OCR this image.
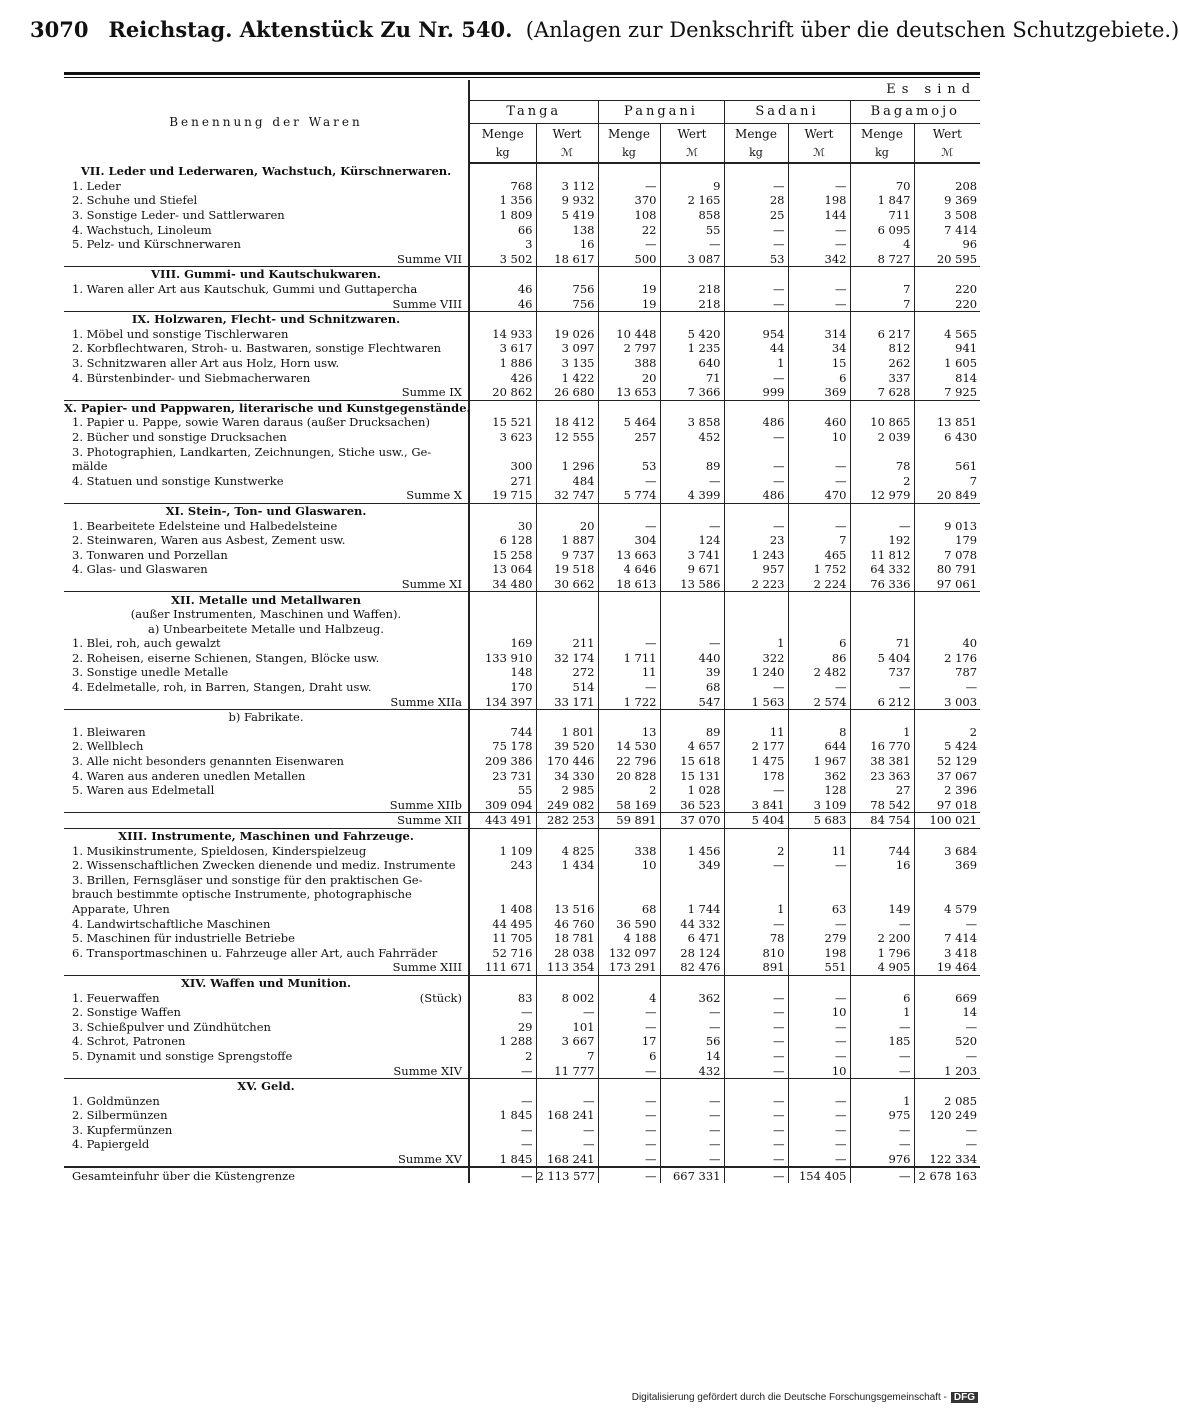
3070 Reichstag. Aktenstück Zu Nr. 540. (Anlagen zur Denkschrift über die deutschen Schutzgebiete.)
Benennung der Waren	Es sind							
	Tanga		Pangani		Sadani		Bagamojo	
	Menge	Wert	Menge	Wert	Menge	Wert	Menge	Wert
	kg	ℳ	kg	ℳ	kg	ℳ	kg	ℳ
VII. Leder und Lederwaren, Wachstuch, Kürschnerwaren.								
1. Leder	768	3 112	—	9	—	—	70	208
2. Schuhe und Stiefel	1 356	9 932	370	2 165	28	198	1 847	9 369
3. Sonstige Leder- und Sattlerwaren	1 809	5 419	108	858	25	144	711	3 508
4. Wachstuch, Linoleum	66	138	22	55	—	—	6 095	7 414
5. Pelz- und Kürschnerwaren	3	16	—	—	—	—	4	96
Summe VII	3 502	18 617	500	3 087	53	342	8 727	20 595
VIII. Gummi- und Kautschukwaren.								
1. Waren aller Art aus Kautschuk, Gummi und Guttapercha	46	756	19	218	—	—	7	220
Summe VIII	46	756	19	218	—	—	7	220
IX. Holzwaren, Flecht- und Schnitzwaren.								
1. Möbel und sonstige Tischlerwaren	14 933	19 026	10 448	5 420	954	314	6 217	4 565
2. Korbflechtwaren, Stroh- u. Bastwaren, sonstige Flechtwaren	3 617	3 097	2 797	1 235	44	34	812	941
3. Schnitzwaren aller Art aus Holz, Horn usw.	1 886	3 135	388	640	1	15	262	1 605
4. Bürstenbinder- und Siebmacherwaren	426	1 422	20	71	—	6	337	814
Summe IX	20 862	26 680	13 653	7 366	999	369	7 628	7 925
X. Papier- und Pappwaren, literarische und Kunstgegenstände.								
1. Papier u. Pappe, sowie Waren daraus (außer Drucksachen)	15 521	18 412	5 464	3 858	486	460	10 865	13 851
2. Bücher und sonstige Drucksachen	3 623	12 555	257	452	—	10	2 039	6 430
3. Photographien, Landkarten, Zeichnungen, Stiche usw., Ge-								
mälde	300	1 296	53	89	—	—	78	561
4. Statuen und sonstige Kunstwerke	271	484	—	—	—	—	2	7
Summe X	19 715	32 747	5 774	4 399	486	470	12 979	20 849
XI. Stein-, Ton- und Glaswaren.								
1. Bearbeitete Edelsteine und Halbedelsteine	30	20	—	—	—	—	—	9 013
2. Steinwaren, Waren aus Asbest, Zement usw.	6 128	1 887	304	124	23	7	192	179
3. Tonwaren und Porzellan	15 258	9 737	13 663	3 741	1 243	465	11 812	7 078
4. Glas- und Glaswaren	13 064	19 518	4 646	9 671	957	1 752	64 332	80 791
Summe XI	34 480	30 662	18 613	13 586	2 223	2 224	76 336	97 061
XII. Metalle und Metallwaren								
(außer Instrumenten, Maschinen und Waffen).								
a) Unbearbeitete Metalle und Halbzeug.								
1. Blei, roh, auch gewalzt	169	211	—	—	1	6	71	40
2. Roheisen, eiserne Schienen, Stangen, Blöcke usw.	133 910	32 174	1 711	440	322	86	5 404	2 176
3. Sonstige unedle Metalle	148	272	11	39	1 240	2 482	737	787
4. Edelmetalle, roh, in Barren, Stangen, Draht usw.	170	514	—	68	—	—	—	—
Summe XIIa	134 397	33 171	1 722	547	1 563	2 574	6 212	3 003
b) Fabrikate.								
1. Bleiwaren	744	1 801	13	89	11	8	1	2
2. Wellblech	75 178	39 520	14 530	4 657	2 177	644	16 770	5 424
3. Alle nicht besonders genannten Eisenwaren	209 386	170 446	22 796	15 618	1 475	1 967	38 381	52 129
4. Waren aus anderen unedlen Metallen	23 731	34 330	20 828	15 131	178	362	23 363	37 067
5. Waren aus Edelmetall	55	2 985	2	1 028	—	128	27	2 396
Summe XIIb	309 094	249 082	58 169	36 523	3 841	3 109	78 542	97 018
Summe XII	443 491	282 253	59 891	37 070	5 404	5 683	84 754	100 021
XIII. Instrumente, Maschinen und Fahrzeuge.								
1. Musikinstrumente, Spieldosen, Kinderspielzeug	1 109	4 825	338	1 456	2	11	744	3 684
2. Wissenschaftlichen Zwecken dienende und mediz. Instrumente	243	1 434	10	349	—	—	16	369
3. Brillen, Fernsgläser und sonstige für den praktischen Ge-								
brauch bestimmte optische Instrumente, photographische								
Apparate, Uhren	1 408	13 516	68	1 744	1	63	149	4 579
4. Landwirtschaftliche Maschinen	44 495	46 760	36 590	44 332	—	—	—	—
5. Maschinen für industrielle Betriebe	11 705	18 781	4 188	6 471	78	279	2 200	7 414
6. Transportmaschinen u. Fahrzeuge aller Art, auch Fahrräder	52 716	28 038	132 097	28 124	810	198	1 796	3 418
Summe XIII	111 671	113 354	173 291	82 476	891	551	4 905	19 464
XIV. Waffen und Munition.								
1. Feuerwaffen (Stück)	83	8 002	4	362	—	—	6	669
2. Sonstige Waffen	—	—	—	—	—	10	1	14
3. Schießpulver und Zündhütchen	29	101	—	—	—	—	—	—
4. Schrot, Patronen	1 288	3 667	17	56	—	—	185	520
5. Dynamit und sonstige Sprengstoffe	2	7	6	14	—	—	—	—
Summe XIV	—	11 777	—	432	—	10	—	1 203
XV. Geld.								
1. Goldmünzen	—	—	—	—	—	—	1	2 085
2. Silbermünzen	1 845	168 241	—	—	—	—	975	120 249
3. Kupfermünzen	—	—	—	—	—	—	—	—
4. Papiergeld	—	—	—	—	—	—	—	—
Summe XV	1 845	168 241	—	—	—	—	976	122 334
Gesamteinfuhr über die Küstengrenze	—	2 113 577	—	667 331	—	154 405	—	2 678 163
Digitalisierung gefördert durch die Deutsche Forschungsgemeinschaft - DFG
